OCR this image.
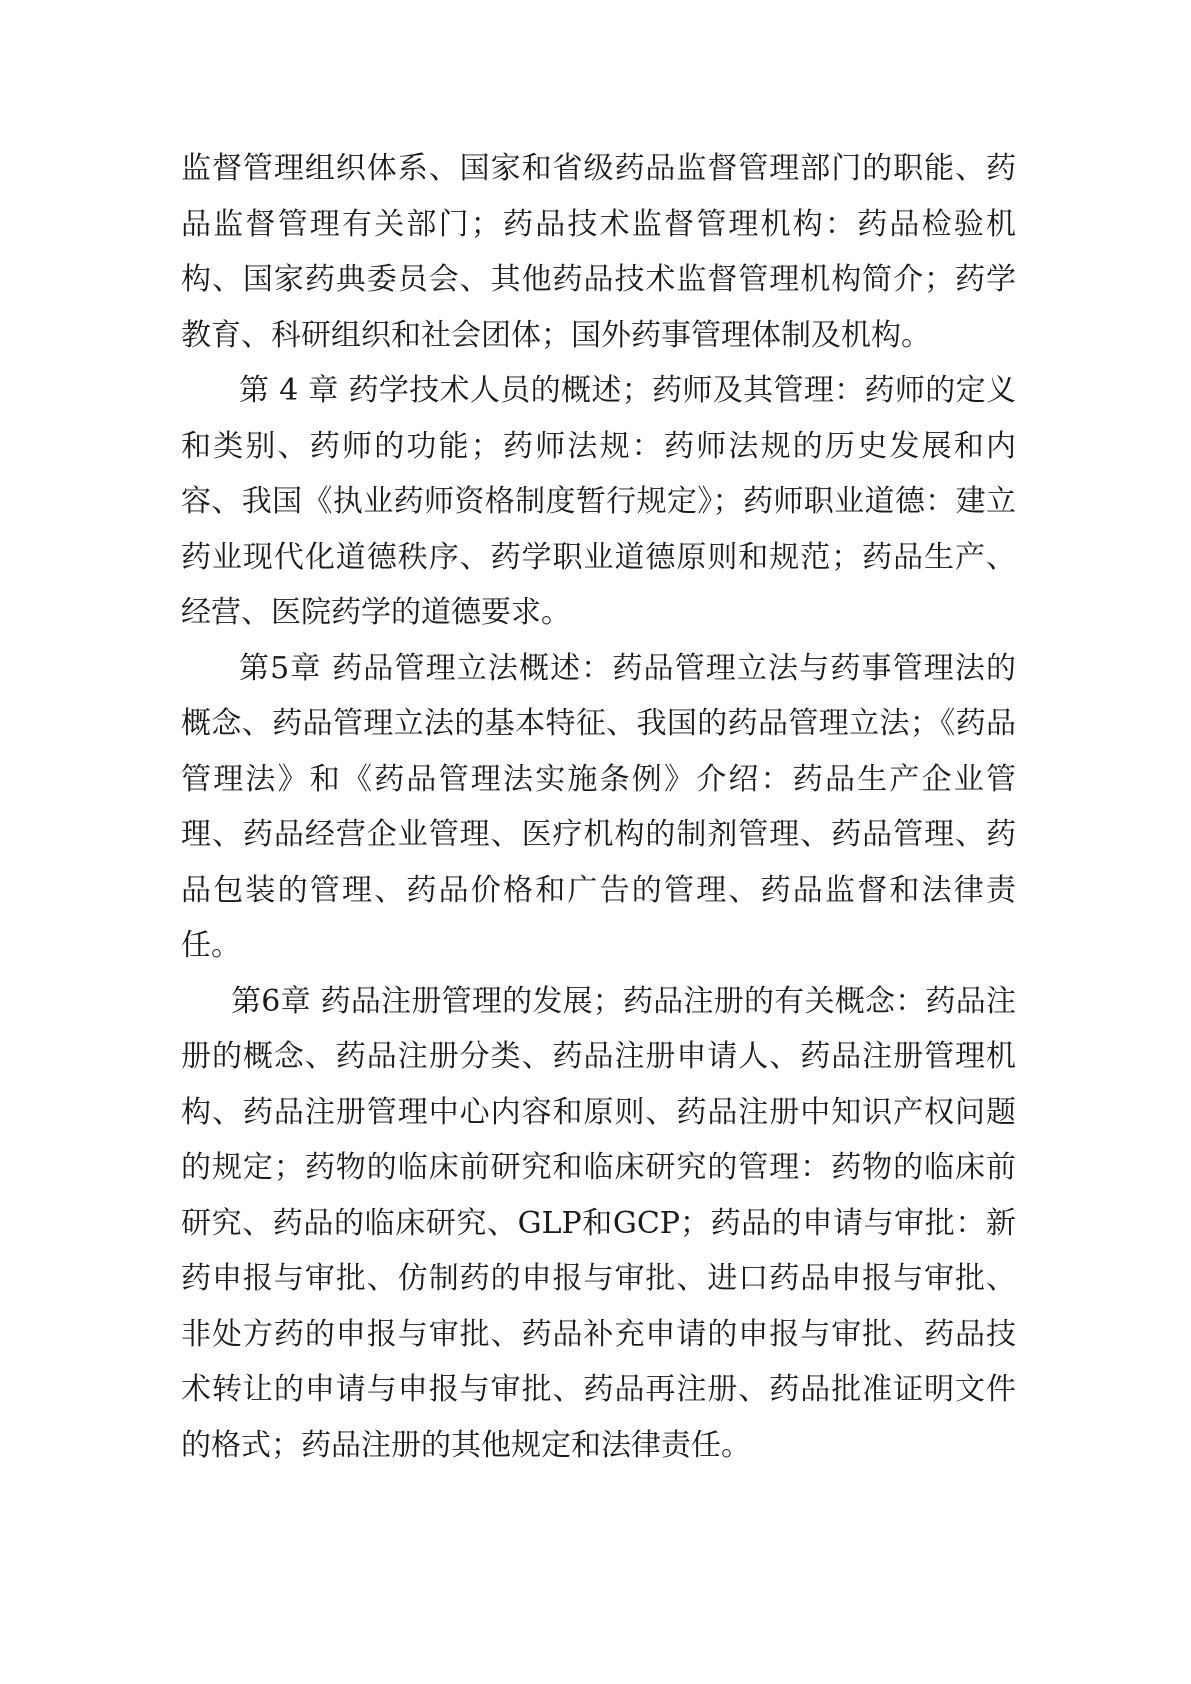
监督管理组织体系、国家和省级药品监督管理部门的职能、药品监督管理有关部门；药品技术监督管理机构：药品检验机构、国家药典委员会、其他药品技术监督管理机构简介；药学教育、科研组织和社会团体；国外药事管理体制及机构。

第 4 章 药学技术人员的概述；药师及其管理：药师的定义和类别、药师的功能；药师法规：药师法规的历史发展和内容、我国《执业药师资格制度暂行规定》；药师职业道德：建立药业现代化道德秩序、药学职业道德原则和规范；药品生产、经营、医院药学的道德要求。

第5章 药品管理立法概述：药品管理立法与药事管理法的概念、药品管理立法的基本特征、我国的药品管理立法；《药品管理法》和《药品管理法实施条例》介绍：药品生产企业管理、药品经营企业管理、医疗机构的制剂管理、药品管理、药品包装的管理、药品价格和广告的管理、药品监督和法律责任。

第6章 药品注册管理的发展；药品注册的有关概念：药品注册的概念、药品注册分类、药品注册申请人、药品注册管理机构、药品注册管理中心内容和原则、药品注册中知识产权问题的规定；药物的临床前研究和临床研究的管理：药物的临床前研究、药品的临床研究、GLP和GCP；药品的申请与审批：新药申报与审批、仿制药的申报与审批、进口药品申报与审批、非处方药的申报与审批、药品补充申请的申报与审批、药品技术转让的申请与申报与审批、药品再注册、药品批准证明文件的格式；药品注册的其他规定和法律责任。
